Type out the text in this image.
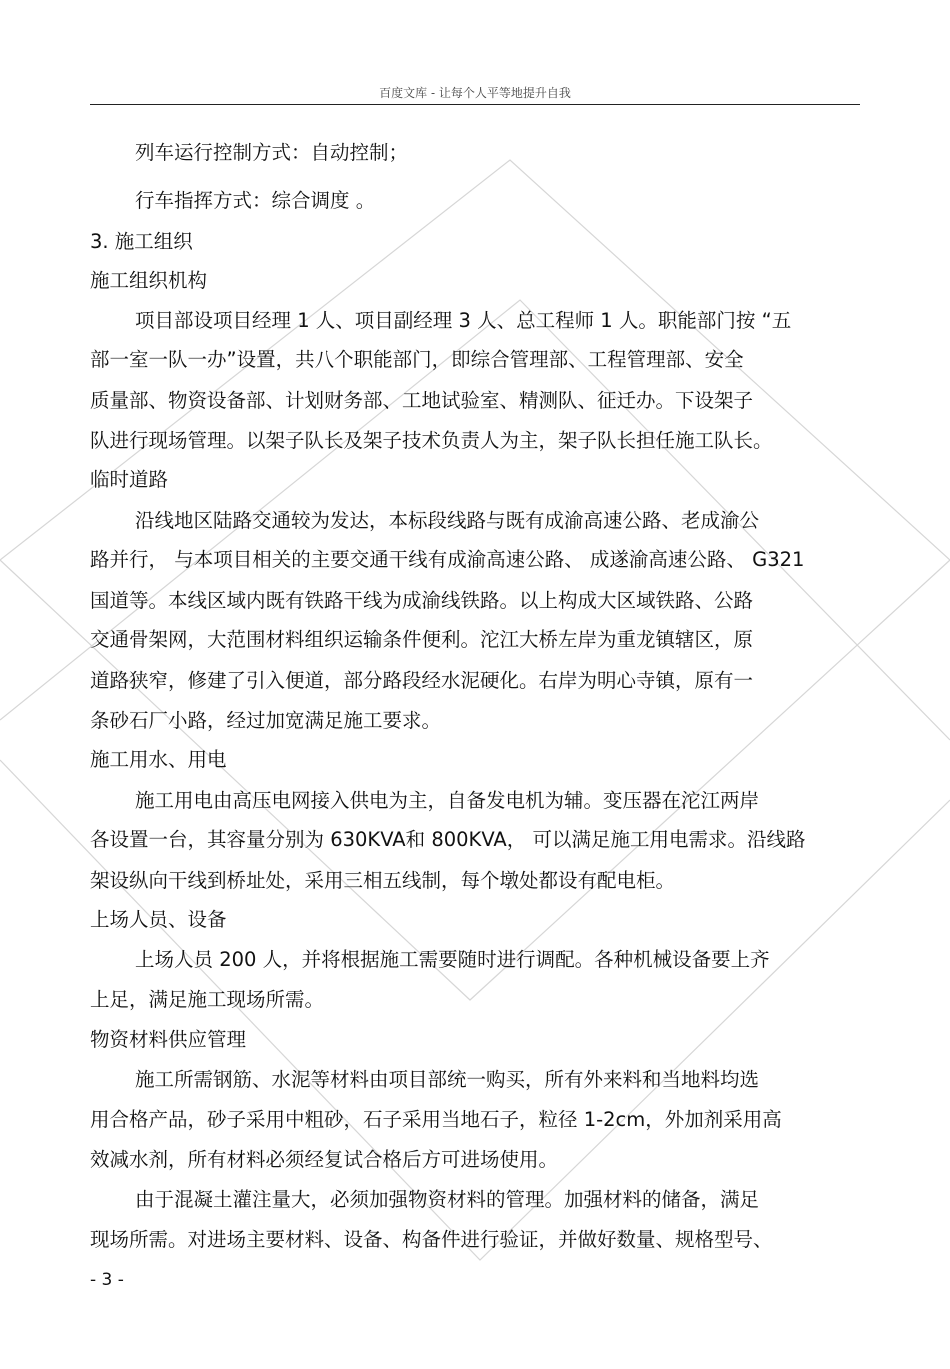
百度文库 - 让每个人平等地提升自我
列车运行控制方式：自动控制；
行车指挥方式：综合调度 。
3. 施工组织
施工组织机构
项目部设项目经理 1 人、项目副经理 3 人、总工程师 1 人。职能部门按 “五
部一室一队一办”设置，共八个职能部门，即综合管理部、工程管理部、安全
质量部、物资设备部、计划财务部、工地试验室、精测队、征迁办。下设架子
队进行现场管理。以架子队长及架子技术负责人为主，架子队长担任施工队长。
临时道路
沿线地区陆路交通较为发达，本标段线路与既有成渝高速公路、老成渝公
路并行， 与本项目相关的主要交通干线有成渝高速公路、 成遂渝高速公路、 G321
国道等。本线区域内既有铁路干线为成渝线铁路。以上构成大区域铁路、公路
交通骨架网，大范围材料组织运输条件便利。沱江大桥左岸为重龙镇辖区，原
道路狭窄，修建了引入便道，部分路段经水泥硬化。右岸为明心寺镇，原有一
条砂石厂小路，经过加宽满足施工要求。
施工用水、用电
施工用电由高压电网接入供电为主，自备发电机为辅。变压器在沱江两岸
各设置一台，其容量分别为 630KVA和 800KVA， 可以满足施工用电需求。沿线路
架设纵向干线到桥址处，采用三相五线制，每个墩处都设有配电柜。
上场人员、设备
上场人员 200 人，并将根据施工需要随时进行调配。各种机械设备要上齐
上足，满足施工现场所需。
物资材料供应管理
施工所需钢筋、水泥等材料由项目部统一购买，所有外来料和当地料均选
用合格产品，砂子采用中粗砂，石子采用当地石子，粒径 1-2cm，外加剂采用高
效减水剂，所有材料必须经复试合格后方可进场使用。
由于混凝土灌注量大，必须加强物资材料的管理。加强材料的储备，满足
现场所需。对进场主要材料、设备、构备件进行验证，并做好数量、规格型号、
- 3 -
